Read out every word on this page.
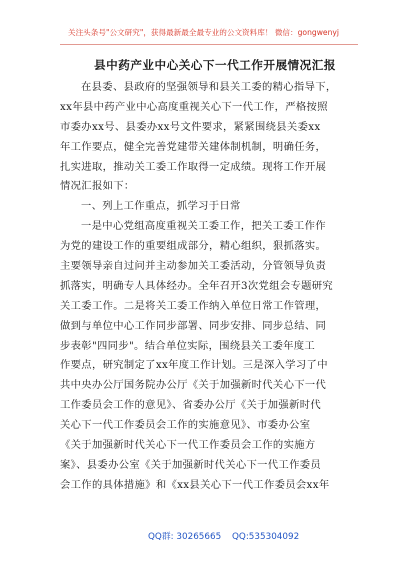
关注头条号"公文研究"，获得最新最全最专业的公文资料库！ 微信：gongwenyj
县中药产业中心关心下一代工作开展情况汇报
在县委、县政府的坚强领导和县关工委的精心指导下，
xx年县中药产业中心高度重视关心下一代工作，严格按照
市委办xx号、县委办xx号文件要求，紧紧围绕县关委xx
年工作要点，健全完善党建带关建体制机制，明确任务，
扎实进取，推动关工委工作取得一定成绩。现将工作开展
情况汇报如下：
一、列上工作重点，抓学习于日常
一是中心党组高度重视关工委工作，把关工委工作作
为党的建设工作的重要组成部分，精心组织，狠抓落实。
主要领导亲自过问并主动参加关工委活动，分管领导负责
抓落实，明确专人具体经办。全年召开3次党组会专题研究
关工委工作。二是将关工委工作纳入单位日常工作管理，
做到与单位中心工作同步部署、同步安排、同步总结、同
步表彰"四同步"。结合单位实际，围绕县关工委年度工
作要点，研究制定了xx年度工作计划。三是深入学习了中
共中央办公厅国务院办公厅《关于加强新时代关心下一代
工作委员会工作的意见》、省委办公厅《关于加强新时代
关心下一代工作委员会工作的实施意见》、市委办公室
《关于加强新时代关心下一代工作委员会工作的实施方
案》、县委办公室《关于加强新时代关心下一代工作委员
会工作的具体措施》和《xx县关心下一代工作委员会xx年
QQ群: 30265665 QQ:535304092
